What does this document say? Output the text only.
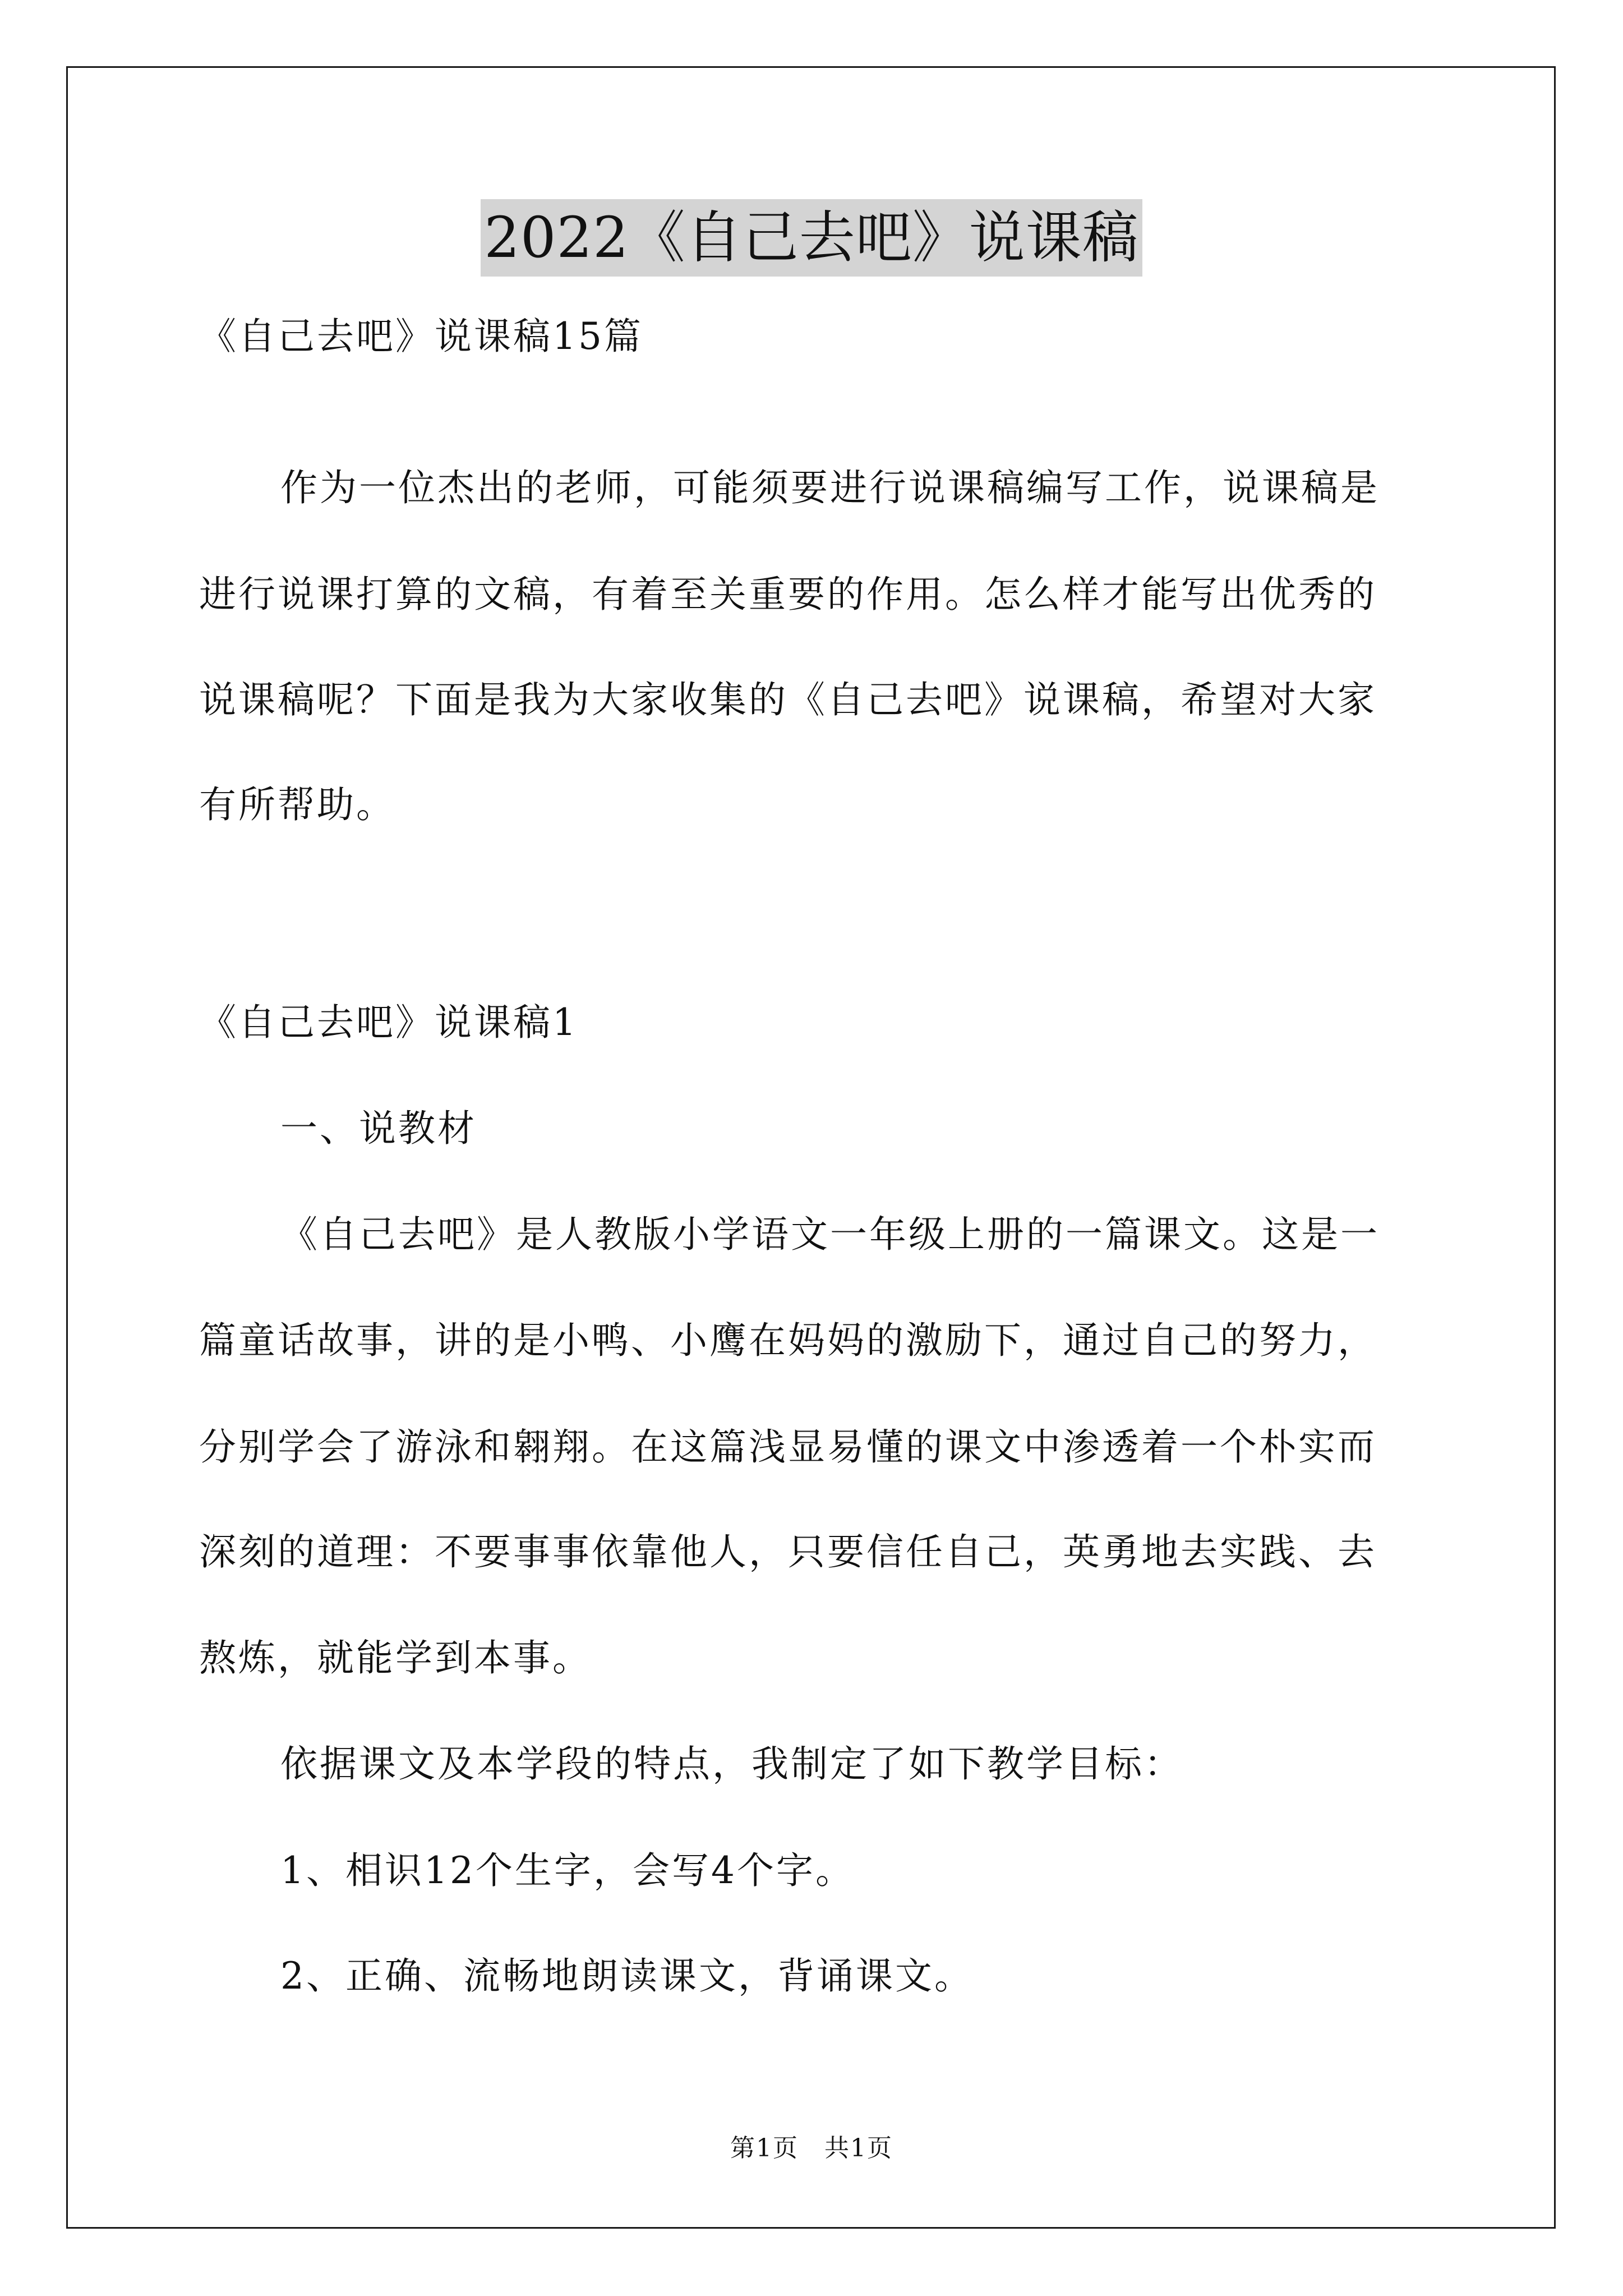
2022《自己去吧》说课稿
《自己去吧》说课稿15篇
作为一位杰出的老师，可能须要进行说课稿编写工作，说课稿是
进行说课打算的文稿，有着至关重要的作用。怎么样才能写出优秀的
说课稿呢？下面是我为大家收集的《自己去吧》说课稿，希望对大家
有所帮助。
《自己去吧》说课稿1
一、说教材
《自己去吧》是人教版小学语文一年级上册的一篇课文。这是一
篇童话故事，讲的是小鸭、小鹰在妈妈的激励下，通过自己的努力，
分别学会了游泳和翱翔。在这篇浅显易懂的课文中渗透着一个朴实而
深刻的道理：不要事事依靠他人，只要信任自己，英勇地去实践、去
熬炼，就能学到本事。
依据课文及本学段的特点，我制定了如下教学目标：
1、相识12个生字，会写4个字。
2、正确、流畅地朗读课文，背诵课文。
第1页　共1页
